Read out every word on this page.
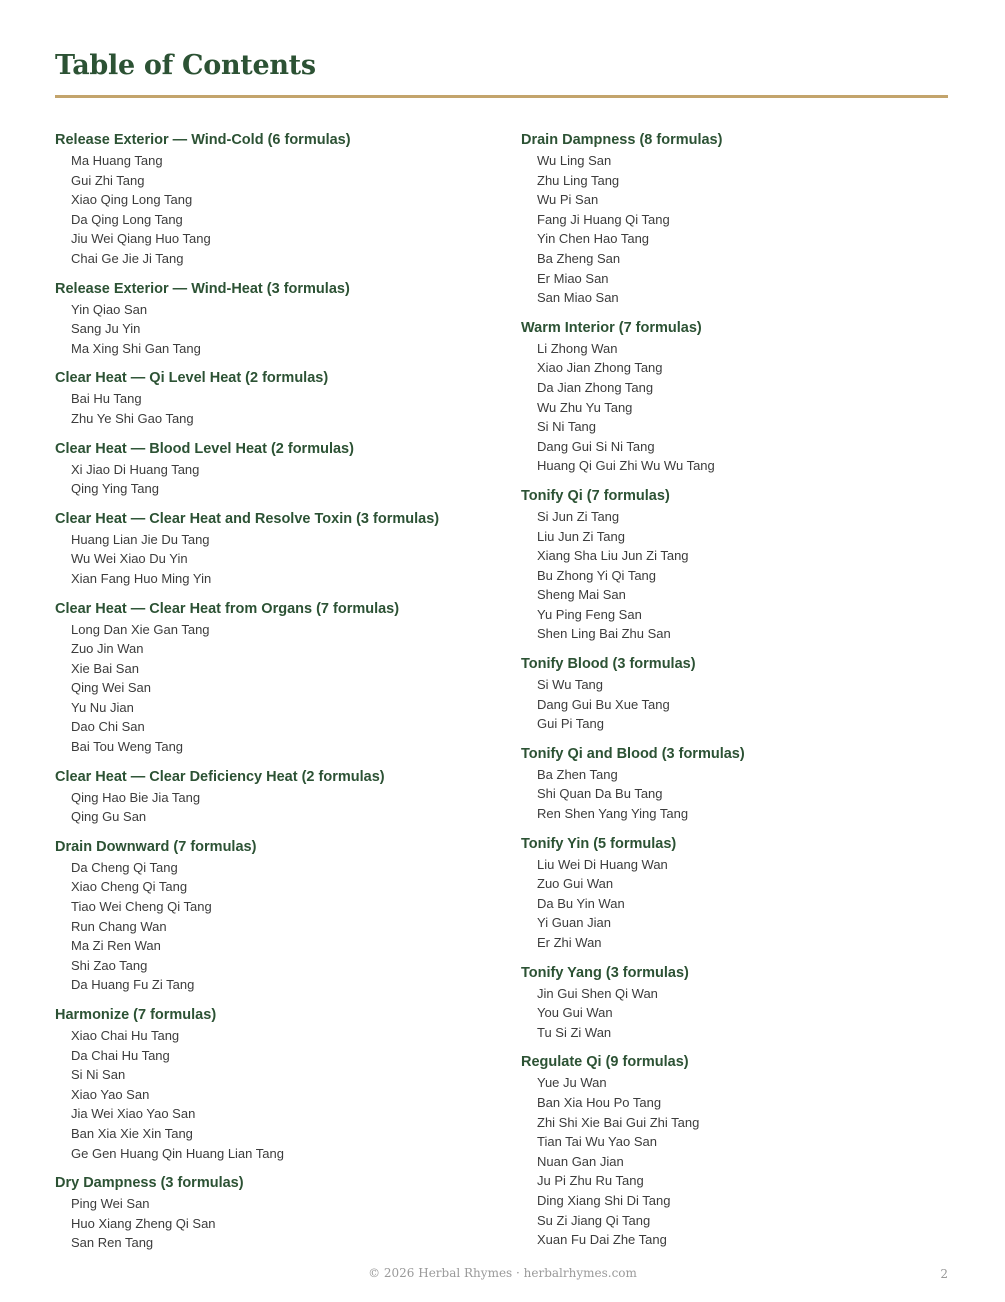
Table of Contents
Release Exterior — Wind-Cold (6 formulas)
Ma Huang Tang
Gui Zhi Tang
Xiao Qing Long Tang
Da Qing Long Tang
Jiu Wei Qiang Huo Tang
Chai Ge Jie Ji Tang
Release Exterior — Wind-Heat (3 formulas)
Yin Qiao San
Sang Ju Yin
Ma Xing Shi Gan Tang
Clear Heat — Qi Level Heat (2 formulas)
Bai Hu Tang
Zhu Ye Shi Gao Tang
Clear Heat — Blood Level Heat (2 formulas)
Xi Jiao Di Huang Tang
Qing Ying Tang
Clear Heat — Clear Heat and Resolve Toxin (3 formulas)
Huang Lian Jie Du Tang
Wu Wei Xiao Du Yin
Xian Fang Huo Ming Yin
Clear Heat — Clear Heat from Organs (7 formulas)
Long Dan Xie Gan Tang
Zuo Jin Wan
Xie Bai San
Qing Wei San
Yu Nu Jian
Dao Chi San
Bai Tou Weng Tang
Clear Heat — Clear Deficiency Heat (2 formulas)
Qing Hao Bie Jia Tang
Qing Gu San
Drain Downward (7 formulas)
Da Cheng Qi Tang
Xiao Cheng Qi Tang
Tiao Wei Cheng Qi Tang
Run Chang Wan
Ma Zi Ren Wan
Shi Zao Tang
Da Huang Fu Zi Tang
Harmonize (7 formulas)
Xiao Chai Hu Tang
Da Chai Hu Tang
Si Ni San
Xiao Yao San
Jia Wei Xiao Yao San
Ban Xia Xie Xin Tang
Ge Gen Huang Qin Huang Lian Tang
Dry Dampness (3 formulas)
Ping Wei San
Huo Xiang Zheng Qi San
San Ren Tang
Drain Dampness (8 formulas)
Wu Ling San
Zhu Ling Tang
Wu Pi San
Fang Ji Huang Qi Tang
Yin Chen Hao Tang
Ba Zheng San
Er Miao San
San Miao San
Warm Interior (7 formulas)
Li Zhong Wan
Xiao Jian Zhong Tang
Da Jian Zhong Tang
Wu Zhu Yu Tang
Si Ni Tang
Dang Gui Si Ni Tang
Huang Qi Gui Zhi Wu Wu Tang
Tonify Qi (7 formulas)
Si Jun Zi Tang
Liu Jun Zi Tang
Xiang Sha Liu Jun Zi Tang
Bu Zhong Yi Qi Tang
Sheng Mai San
Yu Ping Feng San
Shen Ling Bai Zhu San
Tonify Blood (3 formulas)
Si Wu Tang
Dang Gui Bu Xue Tang
Gui Pi Tang
Tonify Qi and Blood (3 formulas)
Ba Zhen Tang
Shi Quan Da Bu Tang
Ren Shen Yang Ying Tang
Tonify Yin (5 formulas)
Liu Wei Di Huang Wan
Zuo Gui Wan
Da Bu Yin Wan
Yi Guan Jian
Er Zhi Wan
Tonify Yang (3 formulas)
Jin Gui Shen Qi Wan
You Gui Wan
Tu Si Zi Wan
Regulate Qi (9 formulas)
Yue Ju Wan
Ban Xia Hou Po Tang
Zhi Shi Xie Bai Gui Zhi Tang
Tian Tai Wu Yao San
Nuan Gan Jian
Ju Pi Zhu Ru Tang
Ding Xiang Shi Di Tang
Su Zi Jiang Qi Tang
Xuan Fu Dai Zhe Tang
© 2026 Herbal Rhymes · herbalrhymes.com	2
